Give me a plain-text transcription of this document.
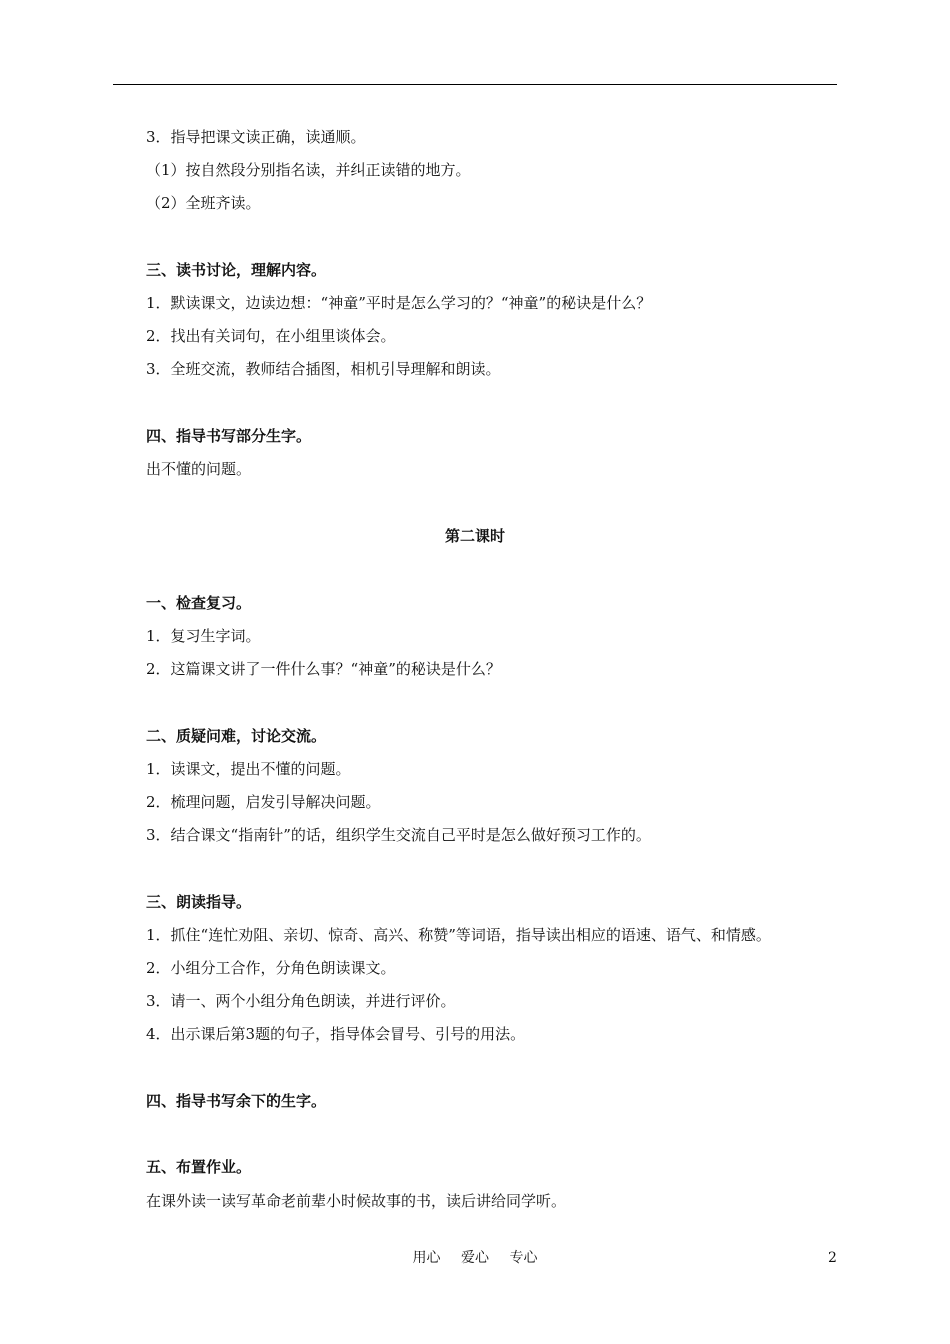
3．指导把课文读正确，读通顺。
（1）按自然段分别指名读，并纠正读错的地方。
（2）全班齐读。
三、读书讨论，理解内容。
1．默读课文，边读边想：“神童”平时是怎么学习的？“神童”的秘诀是什么？
2．找出有关词句，在小组里谈体会。
3．全班交流，教师结合插图，相机引导理解和朗读。
四、指导书写部分生字。
出不懂的问题。
第二课时
一、检查复习。
1．复习生字词。
2．这篇课文讲了一件什么事？“神童”的秘诀是什么？
二、质疑问难，讨论交流。
1．读课文，提出不懂的问题。
2．梳理问题，启发引导解决问题。
3．结合课文“指南针”的话，组织学生交流自己平时是怎么做好预习工作的。
三、朗读指导。
1．抓住“连忙劝阻、亲切、惊奇、高兴、称赞”等词语，指导读出相应的语速、语气、和情感。
2．小组分工合作，分角色朗读课文。
3．请一、两个小组分角色朗读，并进行评价。
4．出示课后第3题的句子，指导体会冒号、引号的用法。
四、指导书写余下的生字。
五、布置作业。
在课外读一读写革命老前辈小时候故事的书，读后讲给同学听。
用心 爱心 专心	2
